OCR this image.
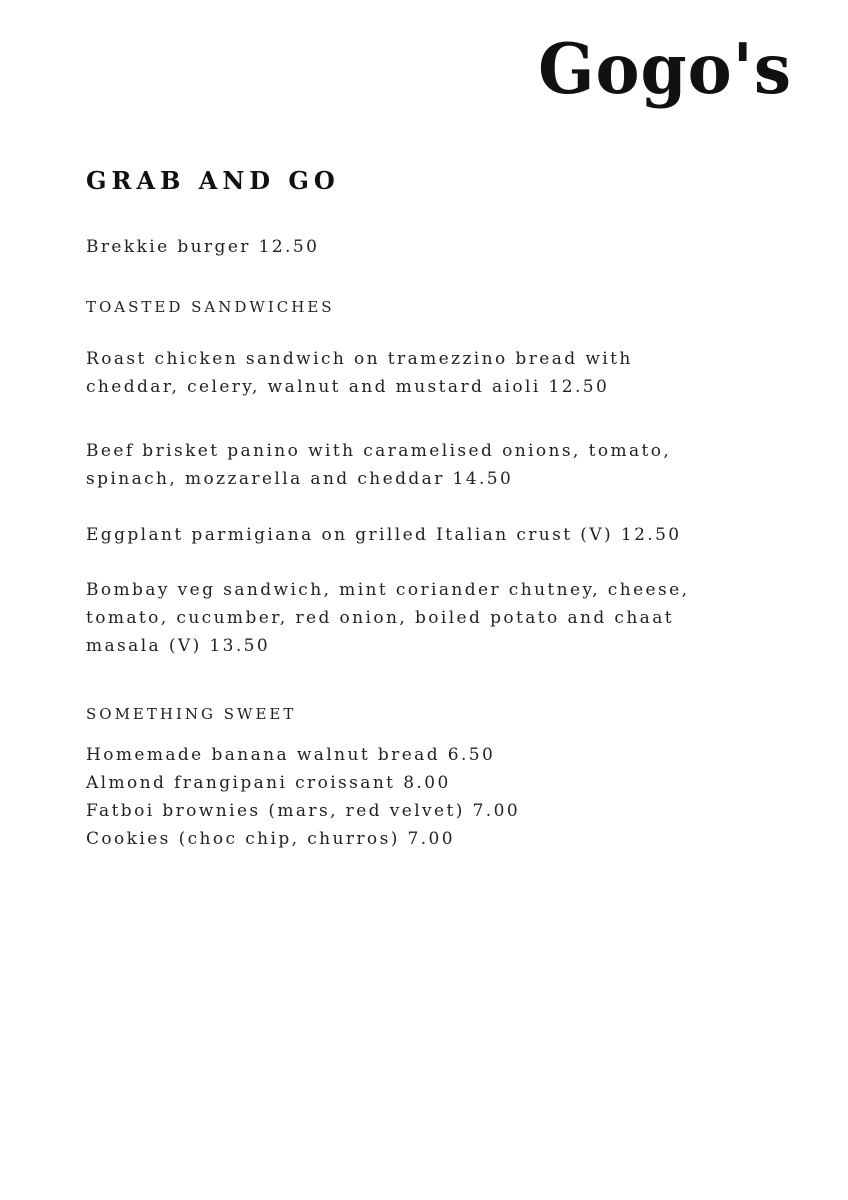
Gogo's
GRAB AND GO
Brekkie burger 12.50
TOASTED SANDWICHES
Roast chicken sandwich on tramezzino bread with
cheddar, celery, walnut and mustard aioli 12.50
Beef brisket panino with caramelised onions, tomato,
spinach, mozzarella and cheddar 14.50
Eggplant parmigiana on grilled Italian crust (V) 12.50
Bombay veg sandwich, mint coriander chutney, cheese,
tomato, cucumber, red onion, boiled potato and chaat
masala (V) 13.50
SOMETHING SWEET
Homemade banana walnut bread 6.50
Almond frangipani croissant 8.00
Fatboi brownies (mars, red velvet) 7.00
Cookies (choc chip, churros) 7.00
